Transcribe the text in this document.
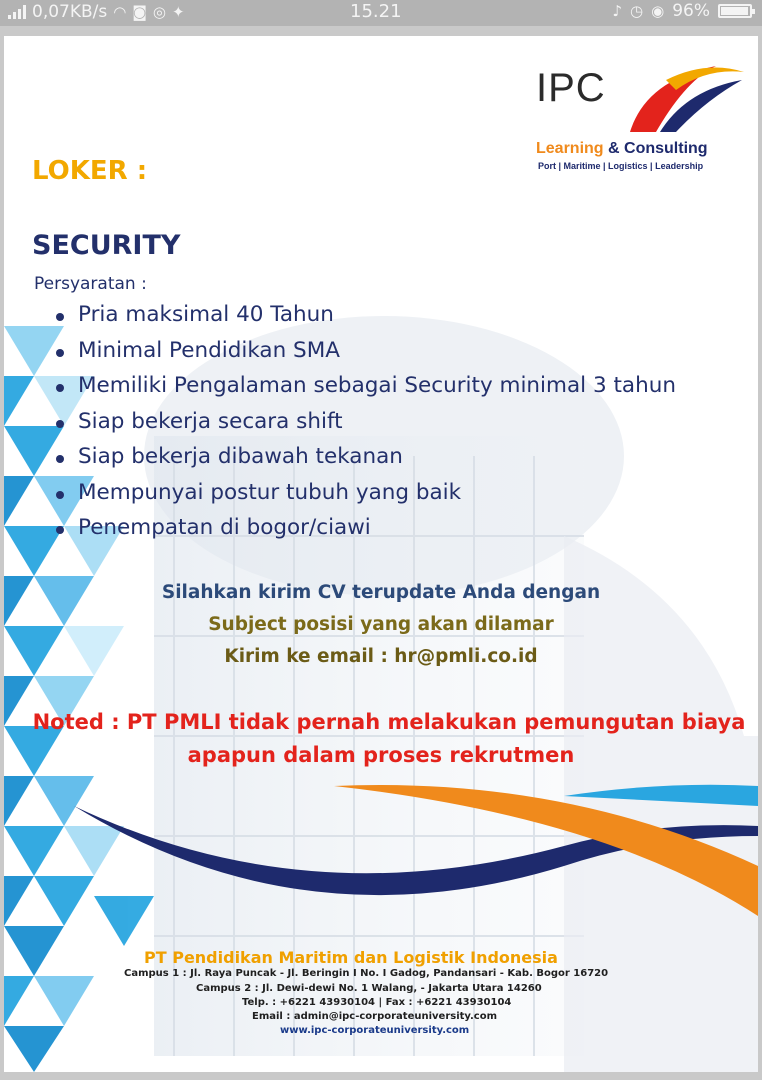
0,07KB/s ◠ ◙ ◎ ✦	15.21	♪ ◷ ◉ 96%
IPC
Learning & Consulting
Port | Maritime | Logistics | Leadership
LOKER :
SECURITY
Persyaratan :
Pria maksimal 40 Tahun
Minimal Pendidikan SMA
Memiliki Pengalaman sebagai Security minimal 3 tahun
Siap bekerja secara shift
Siap bekerja dibawah tekanan
Mempunyai postur tubuh yang baik
Penempatan di bogor/ciawi
Silahkan kirim CV terupdate Anda dengan
Subject posisi yang akan dilamar
Kirim ke email : hr@pmli.co.id
Noted : PT PMLI tidak pernah melakukan pemungutan biaya
apapun dalam proses rekrutmen
PT Pendidikan Maritim dan Logistik Indonesia
Campus 1 : Jl. Raya Puncak - Jl. Beringin I No. I Gadog, Pandansari - Kab. Bogor 16720
Campus 2 : Jl. Dewi-dewi No. 1 Walang, - Jakarta Utara 14260
Telp. : +6221 43930104 | Fax : +6221 43930104
Email : admin@ipc-corporateuniversity.com
www.ipc-corporateuniversity.com
